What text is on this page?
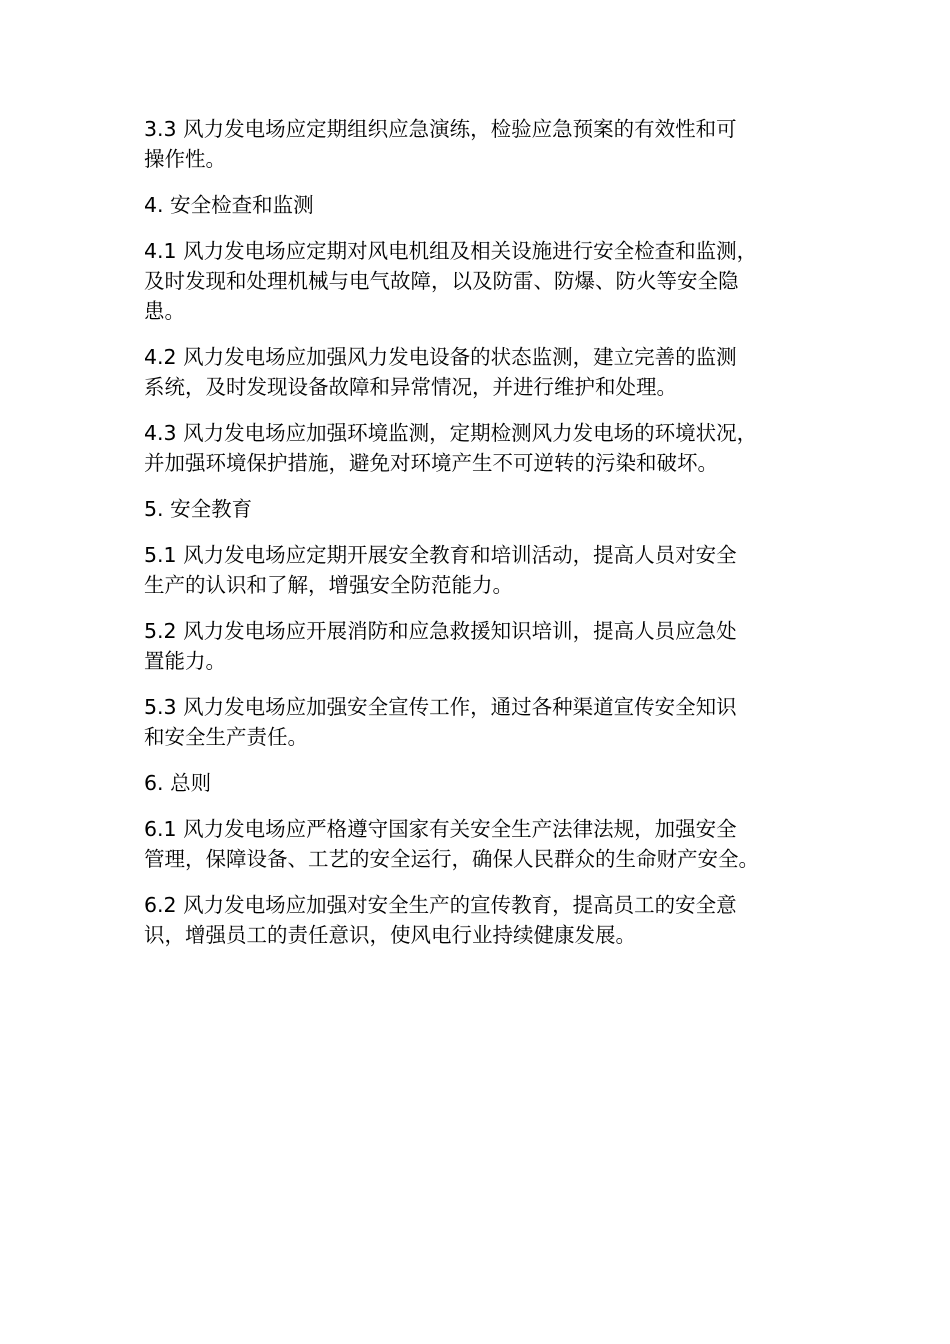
3.3 风力发电场应定期组织应急演练，检验应急预案的有效性和可
操作性。

4. 安全检查和监测

4.1 风力发电场应定期对风电机组及相关设施进行安全检查和监测，
及时发现和处理机械与电气故障，以及防雷、防爆、防火等安全隐
患。

4.2 风力发电场应加强风力发电设备的状态监测，建立完善的监测
系统，及时发现设备故障和异常情况，并进行维护和处理。

4.3 风力发电场应加强环境监测，定期检测风力发电场的环境状况，
并加强环境保护措施，避免对环境产生不可逆转的污染和破坏。

5. 安全教育

5.1 风力发电场应定期开展安全教育和培训活动，提高人员对安全
生产的认识和了解，增强安全防范能力。

5.2 风力发电场应开展消防和应急救援知识培训，提高人员应急处
置能力。

5.3 风力发电场应加强安全宣传工作，通过各种渠道宣传安全知识
和安全生产责任。

6. 总则

6.1 风力发电场应严格遵守国家有关安全生产法律法规，加强安全
管理，保障设备、工艺的安全运行，确保人民群众的生命财产安全。

6.2 风力发电场应加强对安全生产的宣传教育，提高员工的安全意
识，增强员工的责任意识，使风电行业持续健康发展。
